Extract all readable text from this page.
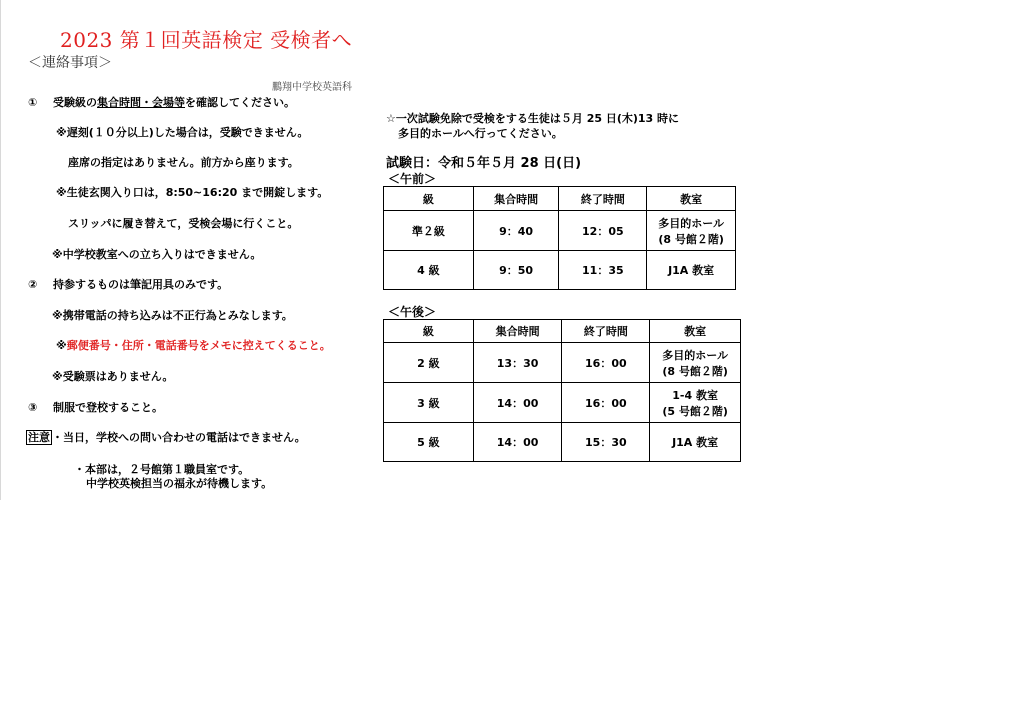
2023 第１回英語検定 受検者へ
＜連絡事項＞
鵬翔中学校英語科
① 受験級の集合時間・会場等を確認してください。
※遅刻(１０分以上)した場合は，受験できません。
座席の指定はありません。前方から座ります。
※生徒玄関入り口は，8:50~16:20 まで開錠します。
スリッパに履き替えて，受検会場に行くこと。
※中学校教室への立ち入りはできません。
② 持参するものは筆記用具のみです。
※携帯電話の持ち込みは不正行為とみなします。
※郵便番号・住所・電話番号をメモに控えてくること。
※受験票はありません。
③ 制服で登校すること。
注意 ・当日，学校への問い合わせの電話はできません。
・本部は，２号館第１職員室です。
中学校英検担当の福永が待機します。
☆一次試験免除で受検をする生徒は５月 25 日(木)13 時に
多目的ホールへ行ってください。
試験日：令和５年５月 28 日(日)
＜午前＞
級	集合時間	終了時間	教室
準２級	9：40	12：05	多目的ホール
(8 号館２階)

4 級	9：50	11：35	J1A 教室
＜午後＞
級	集合時間	終了時間	教室
2 級	13：30	16：00	多目的ホール
(8 号館２階)

3 級	14：00	16：00	1-4 教室
(5 号館２階)

5 級	14：00	15：30	J1A 教室
